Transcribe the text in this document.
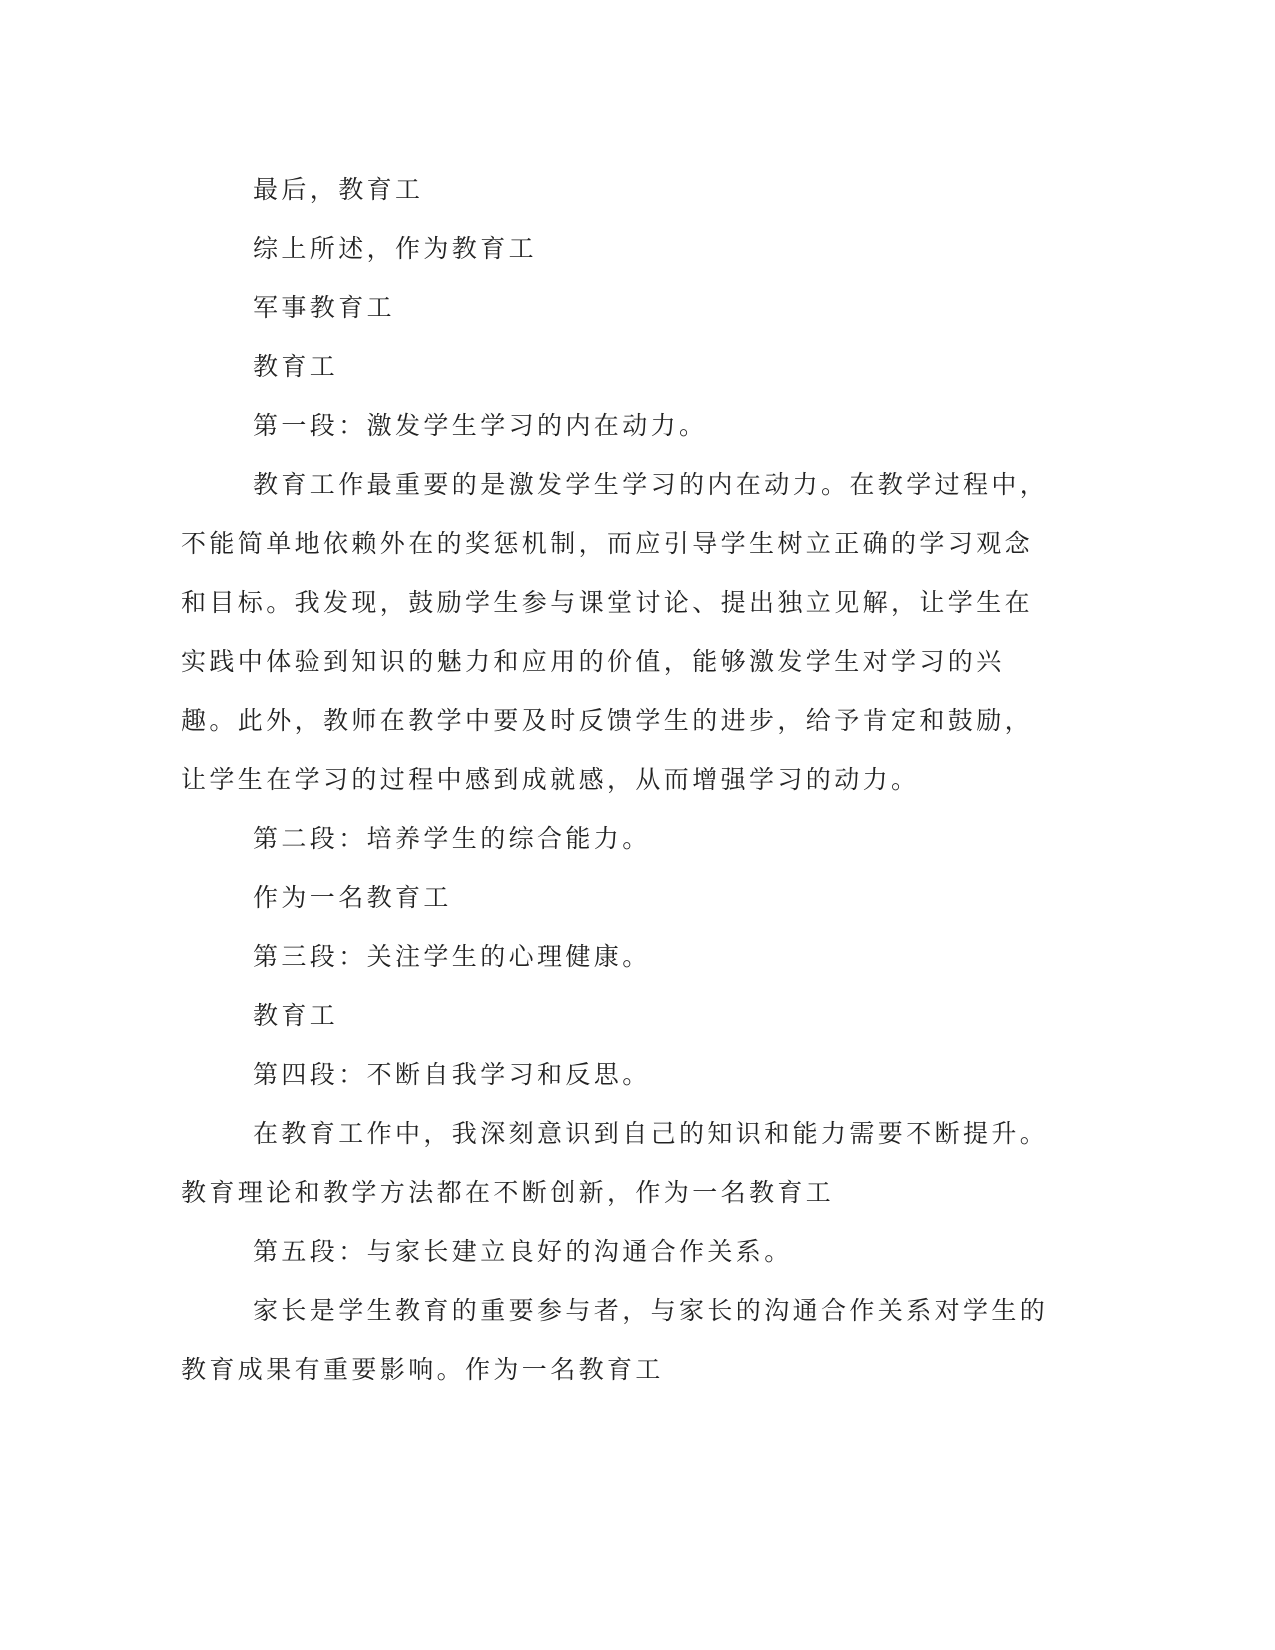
最后，教育工

综上所述，作为教育工

军事教育工

教育工

第一段：激发学生学习的内在动力。

教育工作最重要的是激发学生学习的内在动力。在教学过程中，不能简单地依赖外在的奖惩机制，而应引导学生树立正确的学习观念和目标。我发现，鼓励学生参与课堂讨论、提出独立见解，让学生在实践中体验到知识的魅力和应用的价值，能够激发学生对学习的兴趣。此外，教师在教学中要及时反馈学生的进步，给予肯定和鼓励，让学生在学习的过程中感到成就感，从而增强学习的动力。

第二段：培养学生的综合能力。

作为一名教育工

第三段：关注学生的心理健康。

教育工

第四段：不断自我学习和反思。

在教育工作中，我深刻意识到自己的知识和能力需要不断提升。教育理论和教学方法都在不断创新，作为一名教育工

第五段：与家长建立良好的沟通合作关系。

家长是学生教育的重要参与者，与家长的沟通合作关系对学生的教育成果有重要影响。作为一名教育工
